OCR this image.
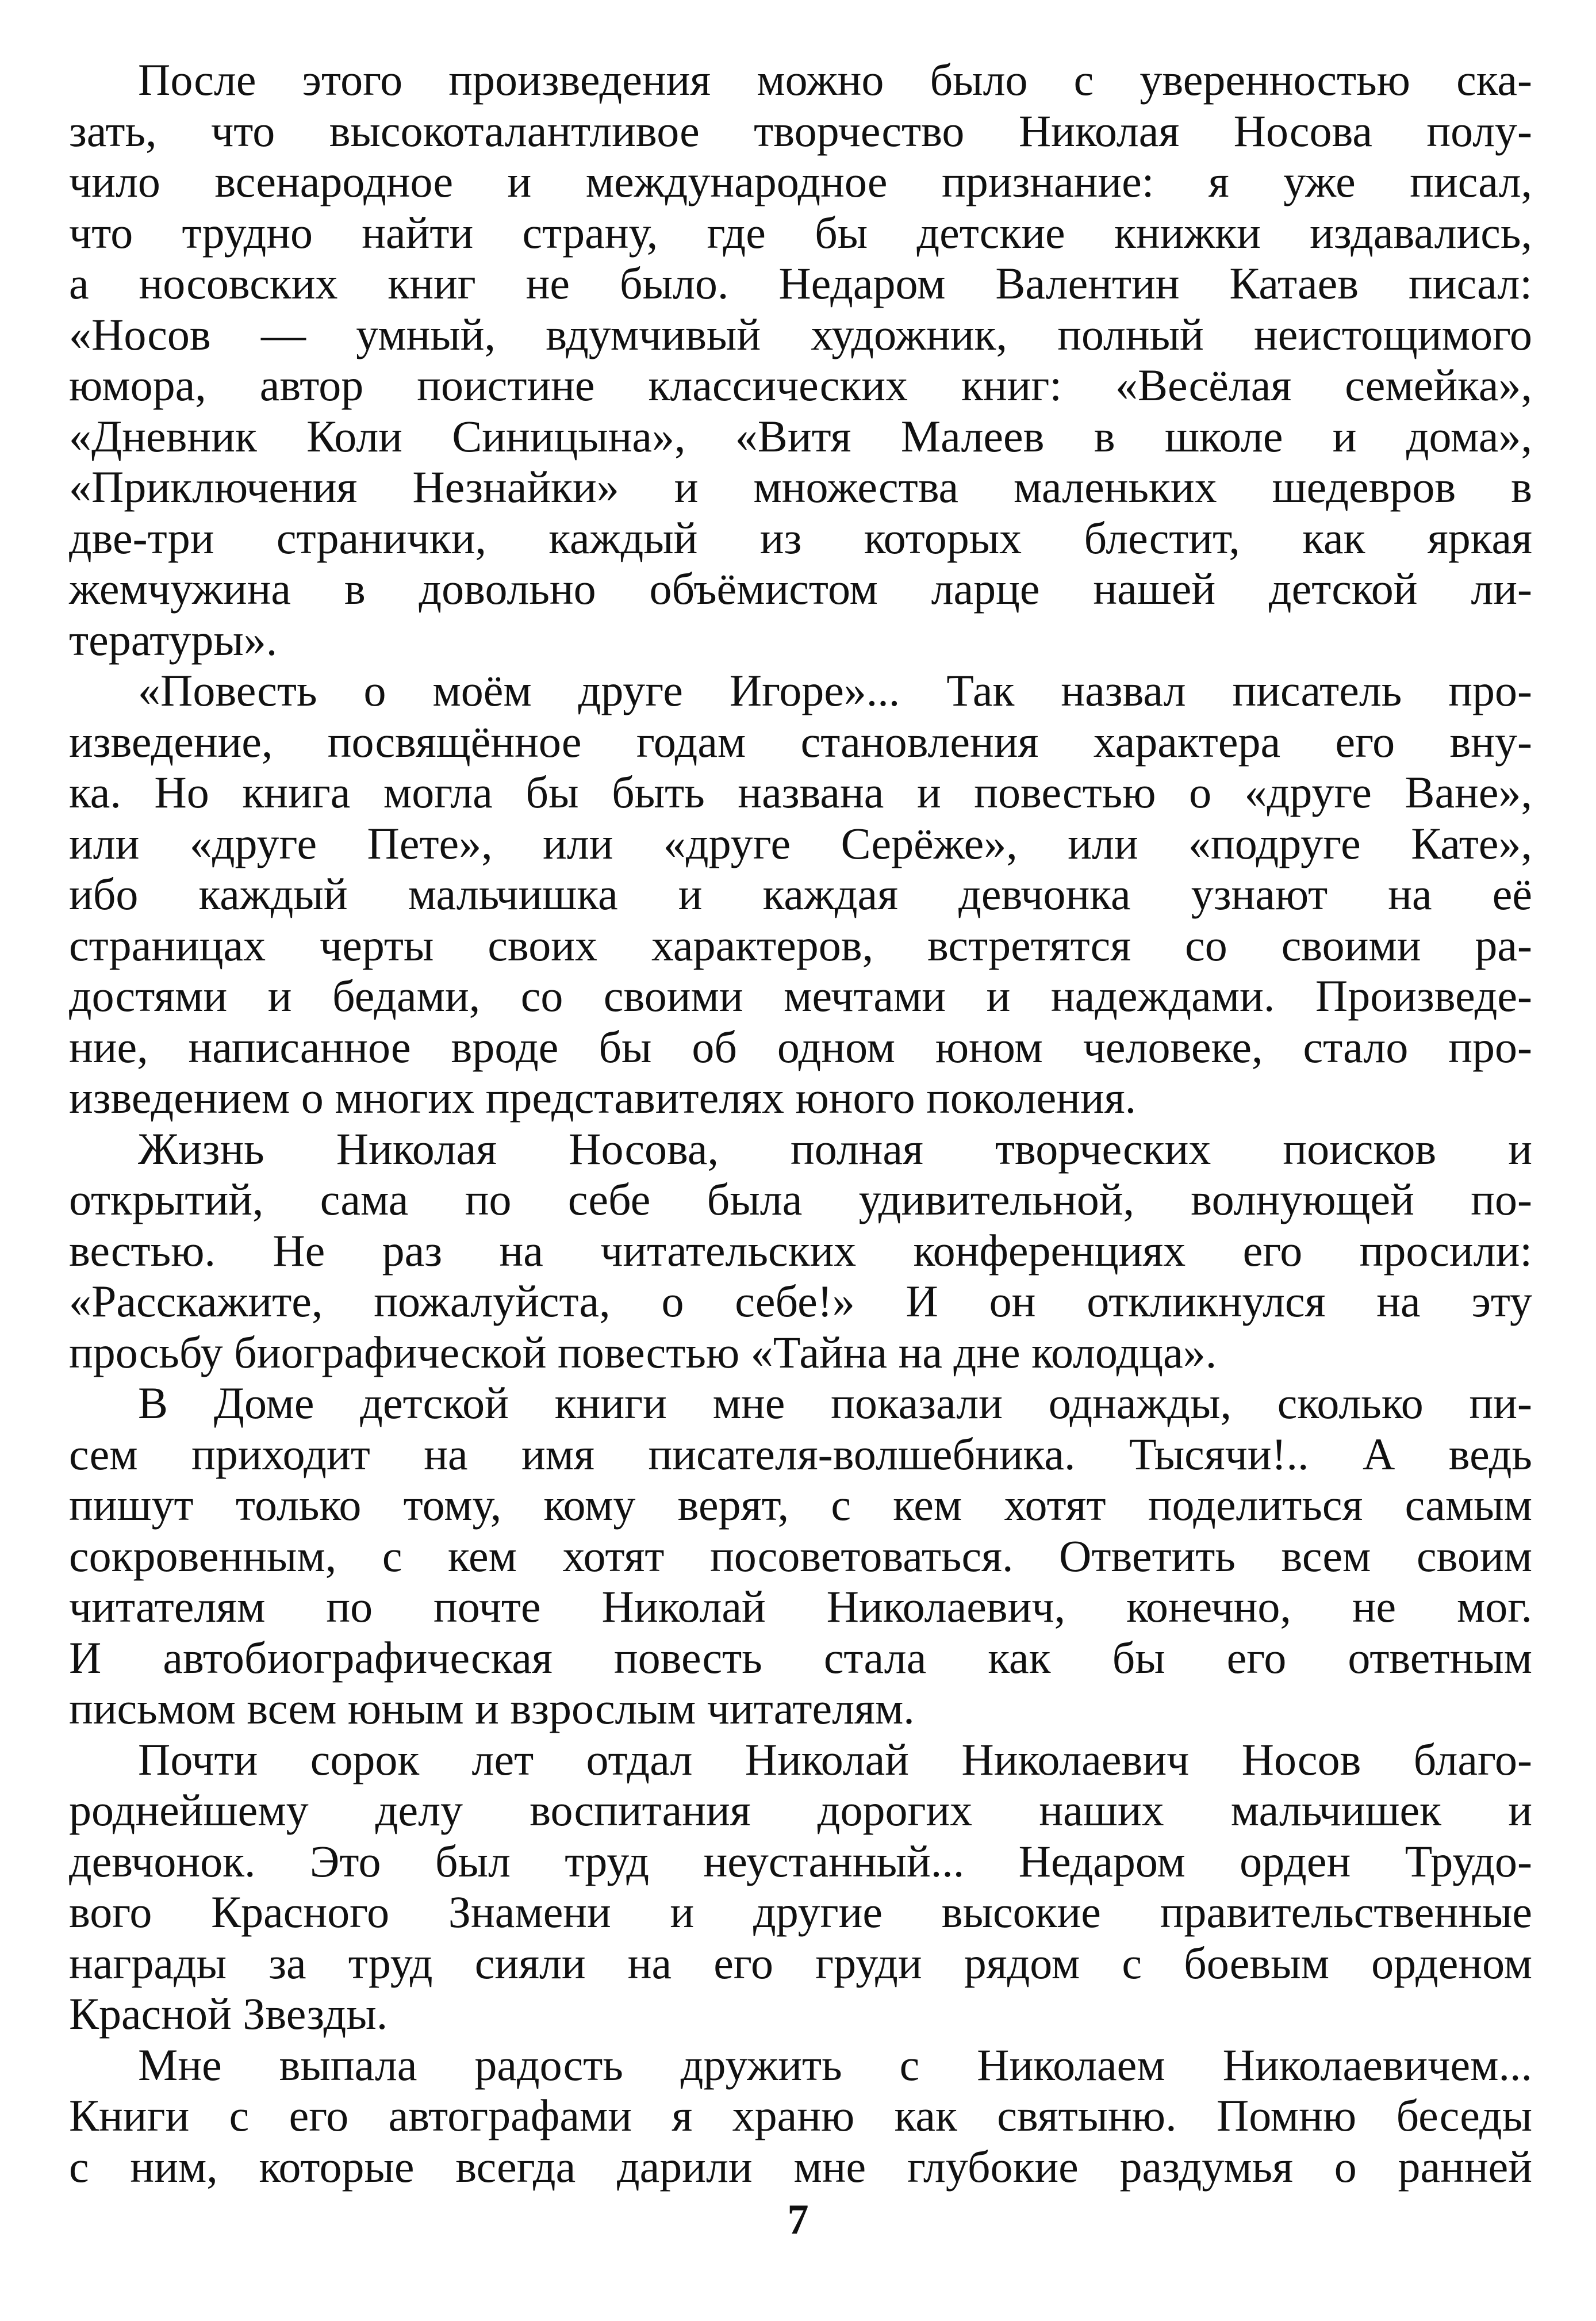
После этого произведения можно было с уверенностью ска-
зать, что высокоталантливое творчество Николая Носова полу-
чило всенародное и международное признание: я уже писал,
что трудно найти страну, где бы детские книжки издавались,
а носовских книг не было. Недаром Валентин Катаев писал:
«Носов — умный, вдумчивый художник, полный неистощимого
юмора, автор поистине классических книг: «Весёлая семейка»,
«Дневник Коли Синицына», «Витя Малеев в школе и дома»,
«Приключения Незнайки» и множества маленьких шедевров в
две-три странички, каждый из которых блестит, как яркая
жемчужина в довольно объёмистом ларце нашей детской ли-
тературы».
«Повесть о моём друге Игоре»... Так назвал писатель про-
изведение, посвящённое годам становления характера его вну-
ка. Но книга могла бы быть названа и повестью о «друге Ване»,
или «друге Пете», или «друге Серёже», или «подруге Кате»,
ибо каждый мальчишка и каждая девчонка узнают на её
страницах черты своих характеров, встретятся со своими ра-
достями и бедами, со своими мечтами и надеждами. Произведе-
ние, написанное вроде бы об одном юном человеке, стало про-
изведением о многих представителях юного поколения.
Жизнь Николая Носова, полная творческих поисков и
открытий, сама по себе была удивительной, волнующей по-
вестью. Не раз на читательских конференциях его просили:
«Расскажите, пожалуйста, о себе!» И он откликнулся на эту
просьбу биографической повестью «Тайна на дне колодца».
В Доме детской книги мне показали однажды, сколько пи-
сем приходит на имя писателя-волшебника. Тысячи!.. А ведь
пишут только тому, кому верят, с кем хотят поделиться самым
сокровенным, с кем хотят посоветоваться. Ответить всем своим
читателям по почте Николай Николаевич, конечно, не мог.
И автобиографическая повесть стала как бы его ответным
письмом всем юным и взрослым читателям.
Почти сорок лет отдал Николай Николаевич Носов благо-
роднейшему делу воспитания дорогих наших мальчишек и
девчонок. Это был труд неустанный... Недаром орден Трудо-
вого Красного Знамени и другие высокие правительственные
награды за труд сияли на его груди рядом с боевым орденом
Красной Звезды.
Мне выпала радость дружить с Николаем Николаевичем...
Книги с его автографами я храню как святыню. Помню беседы
с ним, которые всегда дарили мне глубокие раздумья о ранней
7
